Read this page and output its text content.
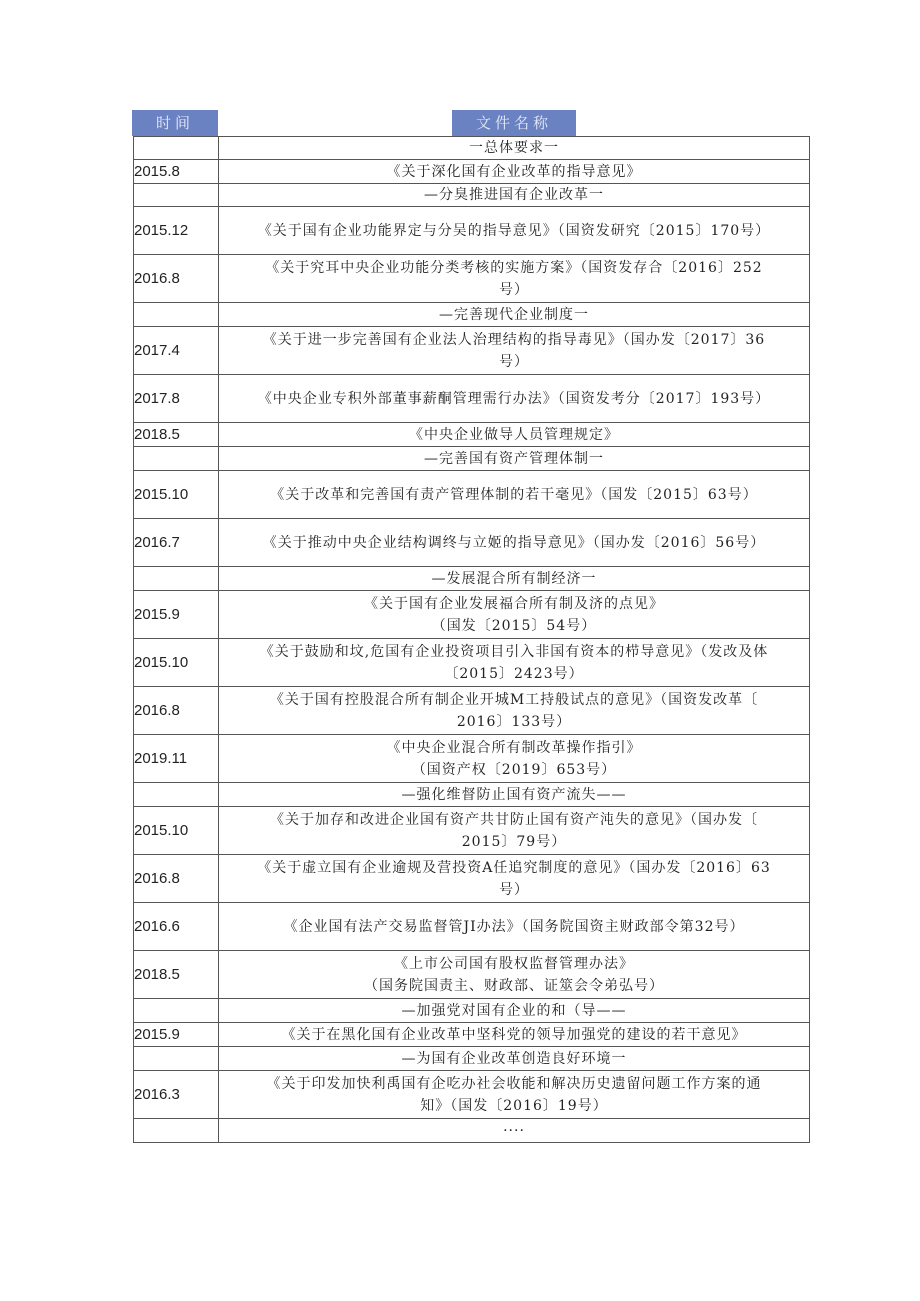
时间	文件名称
	一总体要求一
2015.8	《关于深化国有企业改革的指导意见》

	—分臭推进国有企业改革一
2015.12	《关于国有企业功能界定与分吴的指导意见》（国资发研究〔2015〕170号）

2016.8	《关于究耳中央企业功能分类考核的实施方案》（国资发存合〔2016〕252
号）

	—完善现代企业制度一
2017.4	《关于进一步完善国有企业法人治理结构的指导毒见》（国办发〔2017〕36
号）

2017.8	《中央企业专积外部董事薪酮管理需行办法》（国资发考分〔2017〕193号）

2018.5	《中央企业做导人员管理规定》

	—完善国有资产管理体制一
2015.10	《关于改革和完善国有责产管理体制的若干毫见》（国发〔2015〕63号）

2016.7	《关于推动中央企业结构调终与立姬的指导意见》（国办发〔2016〕56号）

	—发展混合所有制经济一
2015.9	《关于国有企业发展福合所有制及济的点见》
（国发〔2015〕54号）

2015.10	《关于鼓励和坟,危国有企业投资项目引入非国有资本的栉导意见》（发改及体
〔2015〕2423号）

2016.8	《关于国有控股混合所有制企业开城M工持般试点的意见》（国资发改革〔
2016〕133号）

2019.11	《中央企业混合所有制改革操作指引》
（国资产权〔2019〕653号）

	—强化维督防止国有资产流失——
2015.10	《关于加存和改进企业国有资产共甘防止国有资产沌失的意见》（国办发〔
2015〕79号）

2016.8	《关于虚立国有企业逾规及营投资A任追究制度的意见》（国办发〔2016〕63
号）

2016.6	《企业国有法产交易监督管JI办法》（国务院国资主财政部令第32号）

2018.5	《上市公司国有股权监督管理办法》
（国务院国责主、财政部、证筮会令弟弘号）

	—加强党对国有企业的和（导——
2015.9	《关于在黑化国有企业改革中坚科党的领导加强党的建设的若干意见》

	—为国有企业改革创造良好环境一
2016.3	《关于印发加快利禹国有企吃办社会收能和解决历史遗留问题工作方案的通
知》（国发〔2016〕19号）

	····
